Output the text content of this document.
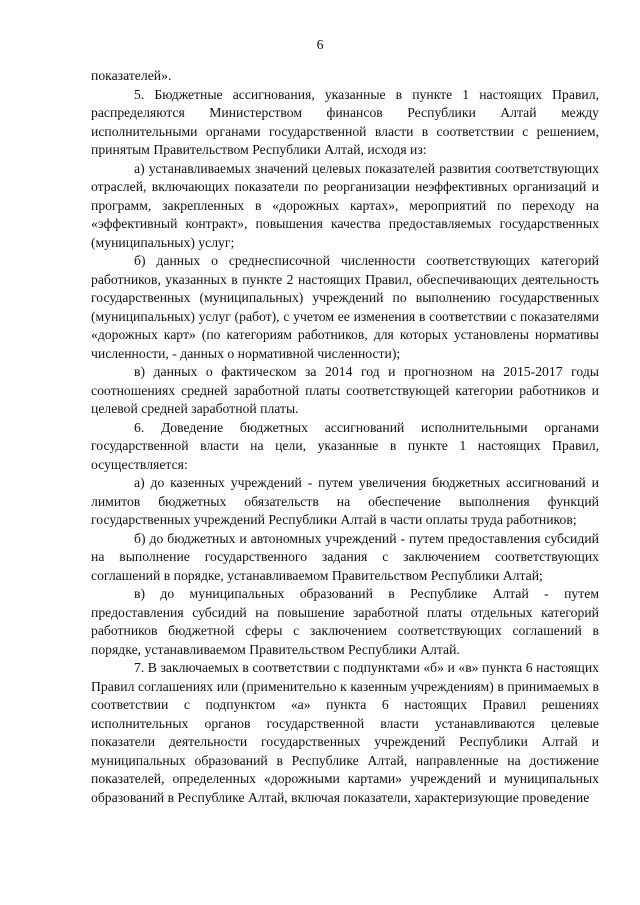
6

показателей».

5. Бюджетные ассигнования, указанные в пункте 1 настоящих Правил, распределяются Министерством финансов Республики Алтай между исполнительными органами государственной власти в соответствии с решением, принятым Правительством Республики Алтай, исходя из:

а) устанавливаемых значений целевых показателей развития соответствующих отраслей, включающих показатели по реорганизации неэффективных организаций и программ, закрепленных в «дорожных картах», мероприятий по переходу на «эффективный контракт», повышения качества предоставляемых государственных (муниципальных) услуг;

б) данных о среднесписочной численности соответствующих категорий работников, указанных в пункте 2 настоящих Правил, обеспечивающих деятельность государственных (муниципальных) учреждений по выполнению государственных (муниципальных) услуг (работ), с учетом ее изменения в соответствии с показателями «дорожных карт» (по категориям работников, для которых установлены нормативы численности, - данных о нормативной численности);

в) данных о фактическом за 2014 год и прогнозном на 2015-2017 годы соотношениях средней заработной платы соответствующей категории работников и целевой средней заработной платы.

6. Доведение бюджетных ассигнований исполнительными органами государственной власти на цели, указанные в пункте 1 настоящих Правил, осуществляется:

а) до казенных учреждений - путем увеличения бюджетных ассигнований и лимитов бюджетных обязательств на обеспечение выполнения функций государственных учреждений Республики Алтай в части оплаты труда работников;

б) до бюджетных и автономных учреждений - путем предоставления субсидий на выполнение государственного задания с заключением соответствующих соглашений в порядке, устанавливаемом Правительством Республики Алтай;

в) до муниципальных образований в Республике Алтай - путем предоставления субсидий на повышение заработной платы отдельных категорий работников бюджетной сферы с заключением соответствующих соглашений в порядке, устанавливаемом Правительством Республики Алтай.

7. В заключаемых в соответствии с подпунктами «б» и «в» пункта 6 настоящих Правил соглашениях или (применительно к казенным учреждениям) в принимаемых в соответствии с подпунктом «а» пункта 6 настоящих Правил решениях исполнительных органов государственной власти устанавливаются целевые показатели деятельности государственных учреждений Республики Алтай и муниципальных образований в Республике Алтай, направленные на достижение показателей, определенных «дорожными картами» учреждений и муниципальных образований в Республике Алтай, включая показатели, характеризующие проведение
